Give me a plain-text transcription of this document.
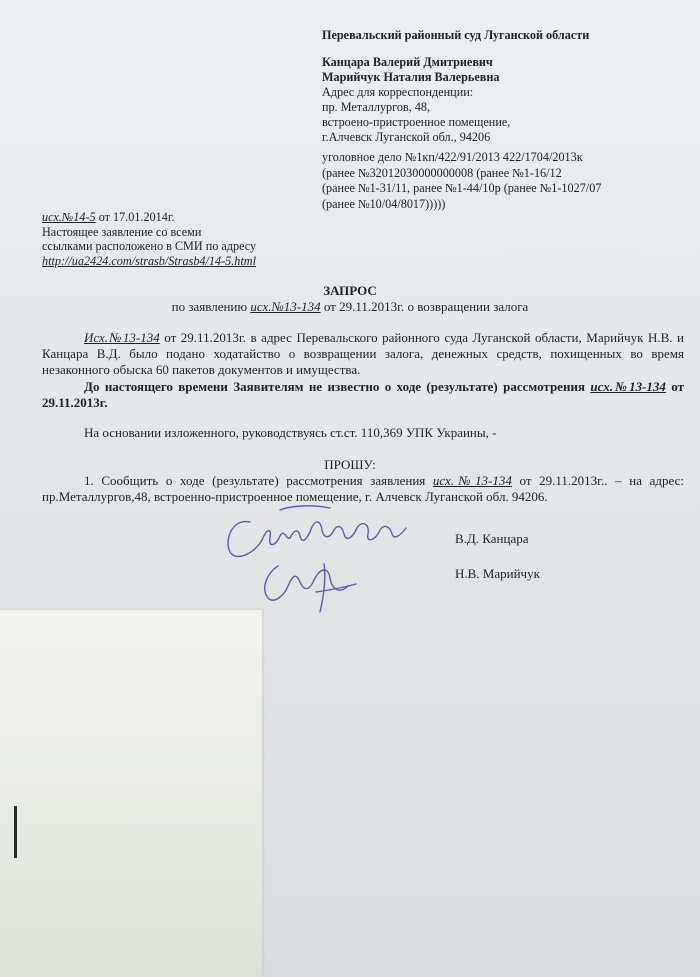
Перевальский районный суд Луганской области
Канцара Валерий Дмитриевич
Марийчук Наталия Валерьевна
Адрес для корреспонденции:
пр. Металлургов, 48,
встроено-пристроенное помещение,
г.Алчевск Луганской обл., 94206
уголовное дело №1кп/422/91/2013 422/1704/2013к
(ранее №32012030000000008 (ранее №1-16/12
(ранее №1-31/11, ранее №1-44/10р (ранее №1-1027/07
(ранее №10/04/8017)))))
исх.№14-5 от 17.01.2014г.
Настоящее заявление со всеми
ссылками расположено в СМИ по адресу
http://ua2424.com/strasb/Strasb4/14-5.html
ЗАПРОС
по заявлению исх.№13-134 от 29.11.2013г. о возвращении залога
Исх.№13-134 от 29.11.2013г. в адрес Перевальского районного суда Луганской области, Марийчук Н.В. и Канцара В.Д. было подано ходатайство о возвращении залога, денежных средств, похищенных во время незаконного обыска 60 пакетов документов и имущества.
До настоящего времени Заявителям не известно о ходе (результате) рассмотрения исх.№13-134 от 29.11.2013г.
На основании изложенного, руководствуясь ст.ст. 110,369 УПК Украины, -
ПРОШУ:
1. Сообщить о ходе (результате) рассмотрения заявления исх.№13-134 от 29.11.2013г.. – на адрес: пр.Металлургов,48, встроенно-пристроенное помещение, г. Алчевск Луганской обл. 94206.
В.Д. Канцара
Н.В. Марийчук
